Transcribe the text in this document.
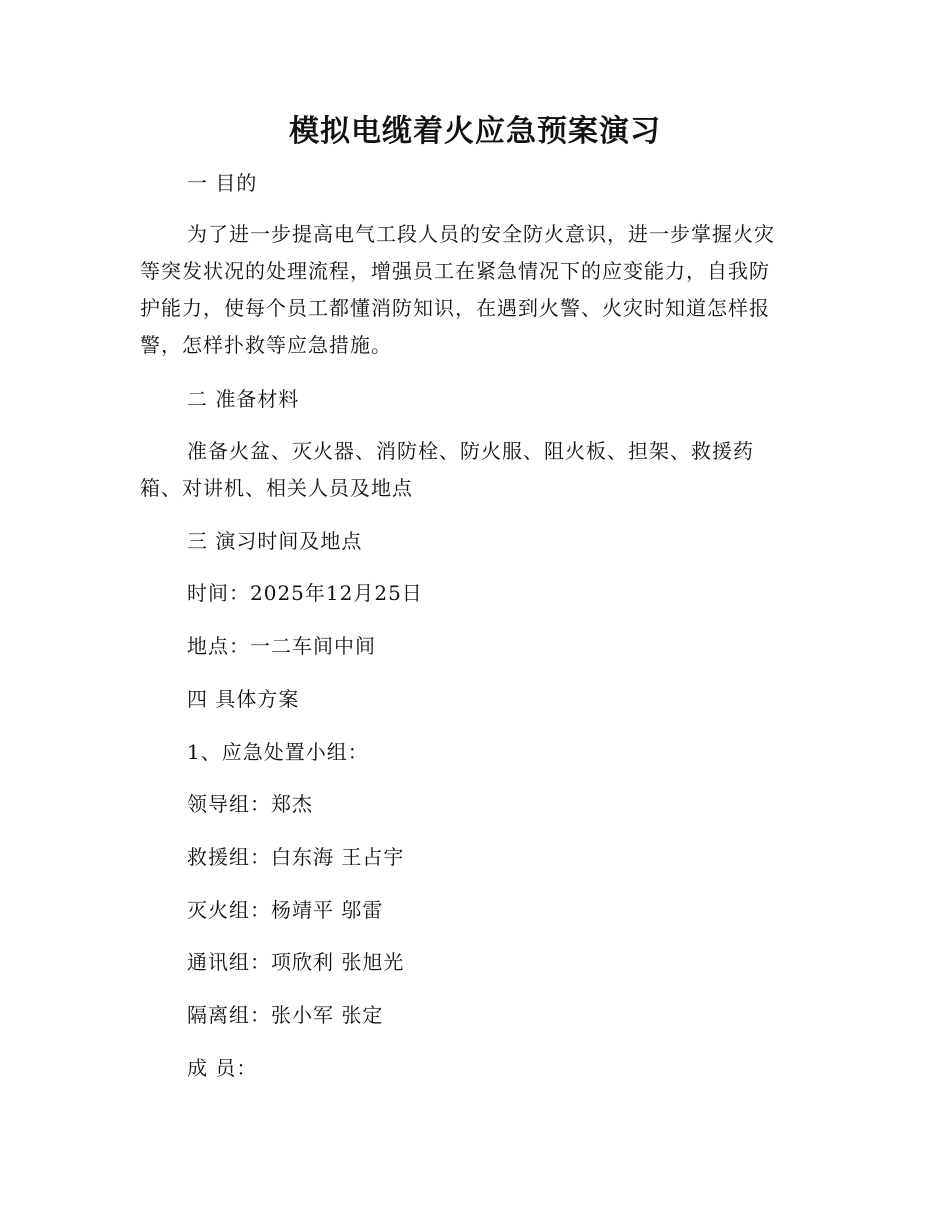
模拟电缆着火应急预案演习
一 目的
为了进一步提高电气工段人员的安全防火意识，进一步掌握火灾
等突发状况的处理流程，增强员工在紧急情况下的应变能力，自我防
护能力，使每个员工都懂消防知识，在遇到火警、火灾时知道怎样报
警，怎样扑救等应急措施。
二 准备材料
准备火盆、灭火器、消防栓、防火服、阻火板、担架、救援药
箱、对讲机、相关人员及地点
三 演习时间及地点
时间：2025年12月25日
地点：一二车间中间
四 具体方案
1、应急处置小组：
领导组：郑杰
救援组：白东海 王占宇
灭火组：杨靖平 邬雷
通讯组：项欣利 张旭光
隔离组：张小军 张定
成 员：
